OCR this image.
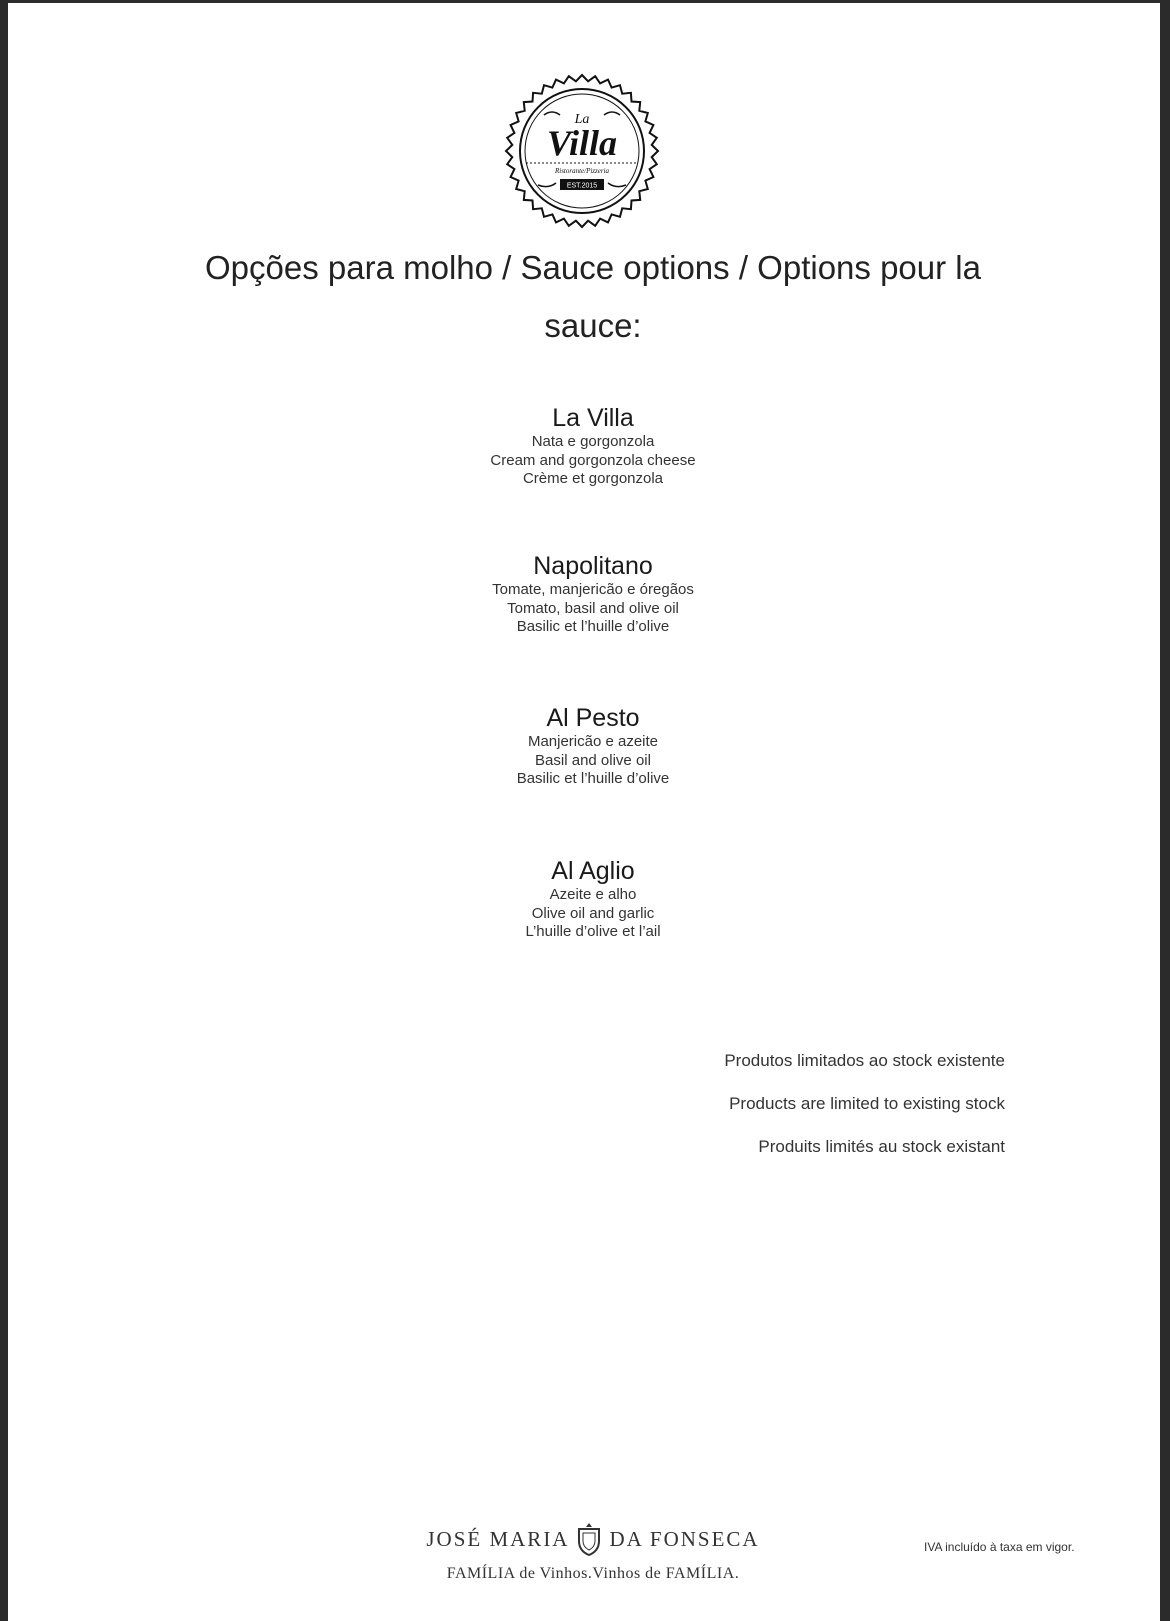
La
Villa
Ristorante/Pizzeria
EST.2015
Opções para molho / Sauce options / Options pour la sauce:
La Villa
Nata e gorgonzola
Cream and gorgonzola cheese
Crème et gorgonzola
Napolitano
Tomate, manjericão e óregãos
Tomato, basil and olive oil
Basilic et l’huille d’olive
Al Pesto
Manjericão e azeite
Basil and olive oil
Basilic et l’huille d’olive
Al Aglio
Azeite e alho
Olive oil and garlic
L’huille d’olive et l’ail
Produtos limitados ao stock existente
Products are limited to existing stock
Produits limités au stock existant
JOSÉ MARIA DA FONSECA
FAMÍLIA de Vinhos.Vinhos de FAMÍLIA.
IVA incluído à taxa em vigor.
